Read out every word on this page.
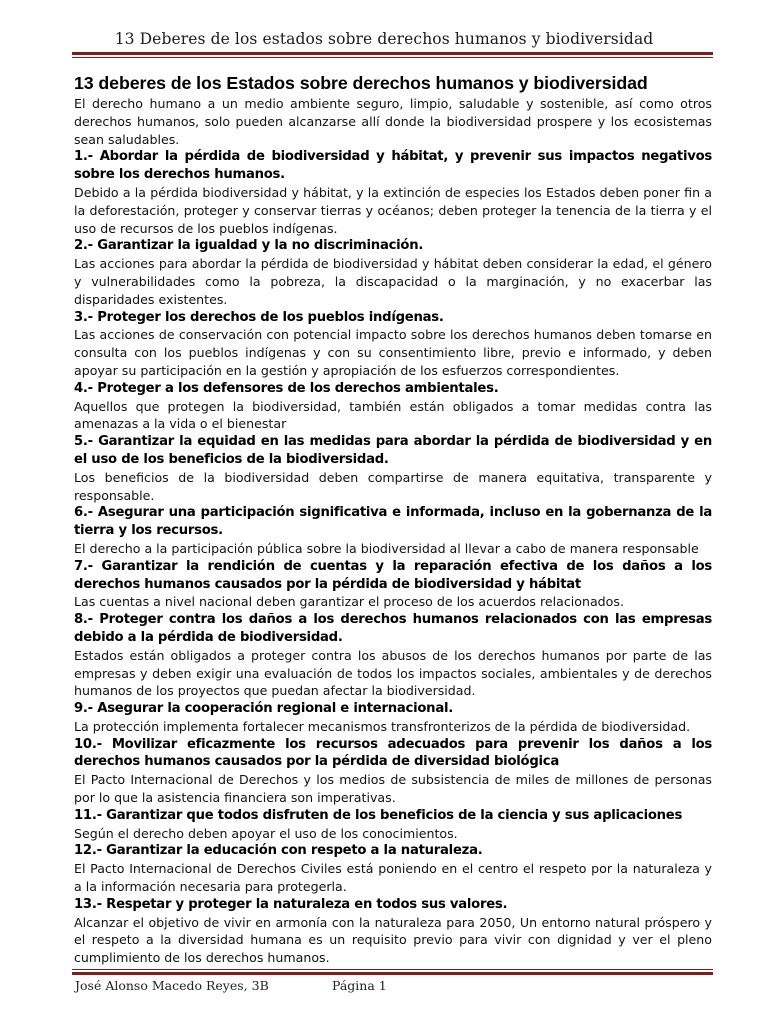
13 Deberes de los estados sobre derechos humanos y biodiversidad
13 deberes de los Estados sobre derechos humanos y biodiversidad

El derecho humano a un medio ambiente seguro, limpio, saludable y sostenible, así como otros derechos humanos, solo pueden alcanzarse allí donde la biodiversidad prospere y los ecosistemas sean saludables.

1.- Abordar la pérdida de biodiversidad y hábitat, y prevenir sus impactos negativos sobre los derechos humanos.

Debido a la pérdida biodiversidad y hábitat, y la extinción de especies los Estados deben poner fin a la deforestación, proteger y conservar tierras y océanos; deben proteger la tenencia de la tierra y el uso de recursos de los pueblos indígenas.

2.- Garantizar la igualdad y la no discriminación.

Las acciones para abordar la pérdida de biodiversidad y hábitat deben considerar la edad, el género y vulnerabilidades como la pobreza, la discapacidad o la marginación, y no exacerbar las disparidades existentes.

3.- Proteger los derechos de los pueblos indígenas.

Las acciones de conservación con potencial impacto sobre los derechos humanos deben tomarse en consulta con los pueblos indígenas y con su consentimiento libre, previo e informado, y deben apoyar su participación en la gestión y apropiación de los esfuerzos correspondientes.

4.- Proteger a los defensores de los derechos ambientales.

Aquellos que protegen la biodiversidad, también están obligados a tomar medidas contra las amenazas a la vida o el bienestar

5.- Garantizar la equidad en las medidas para abordar la pérdida de biodiversidad y en el uso de los beneficios de la biodiversidad.

Los beneficios de la biodiversidad deben compartirse de manera equitativa, transparente y responsable.

6.- Asegurar una participación significativa e informada, incluso en la gobernanza de la tierra y los recursos.

El derecho a la participación pública sobre la biodiversidad al llevar a cabo de manera responsable

7.- Garantizar la rendición de cuentas y la reparación efectiva de los daños a los derechos humanos causados por la pérdida de biodiversidad y hábitat

Las cuentas a nivel nacional deben garantizar el proceso de los acuerdos relacionados.

8.- Proteger contra los daños a los derechos humanos relacionados con las empresas debido a la pérdida de biodiversidad.

Estados están obligados a proteger contra los abusos de los derechos humanos por parte de las empresas y deben exigir una evaluación de todos los impactos sociales, ambientales y de derechos humanos de los proyectos que puedan afectar la biodiversidad.

9.- Asegurar la cooperación regional e internacional.

La protección implementa fortalecer mecanismos transfronterizos de la pérdida de biodiversidad.

10.- Movilizar eficazmente los recursos adecuados para prevenir los daños a los derechos humanos causados por la pérdida de diversidad biológica

El Pacto Internacional de Derechos y los medios de subsistencia de miles de millones de personas por lo que la asistencia financiera son imperativas.

11.- Garantizar que todos disfruten de los beneficios de la ciencia y sus aplicaciones

Según el derecho deben apoyar el uso de los conocimientos.

12.- Garantizar la educación con respeto a la naturaleza.

El Pacto Internacional de Derechos Civiles está poniendo en el centro el respeto por la naturaleza y a la información necesaria para protegerla.

13.- Respetar y proteger la naturaleza en todos sus valores.

Alcanzar el objetivo de vivir en armonía con la naturaleza para 2050, Un entorno natural próspero y el respeto a la diversidad humana es un requisito previo para vivir con dignidad y ver el pleno cumplimiento de los derechos humanos.

José Alonso Macedo Reyes, 3B	Página 1
